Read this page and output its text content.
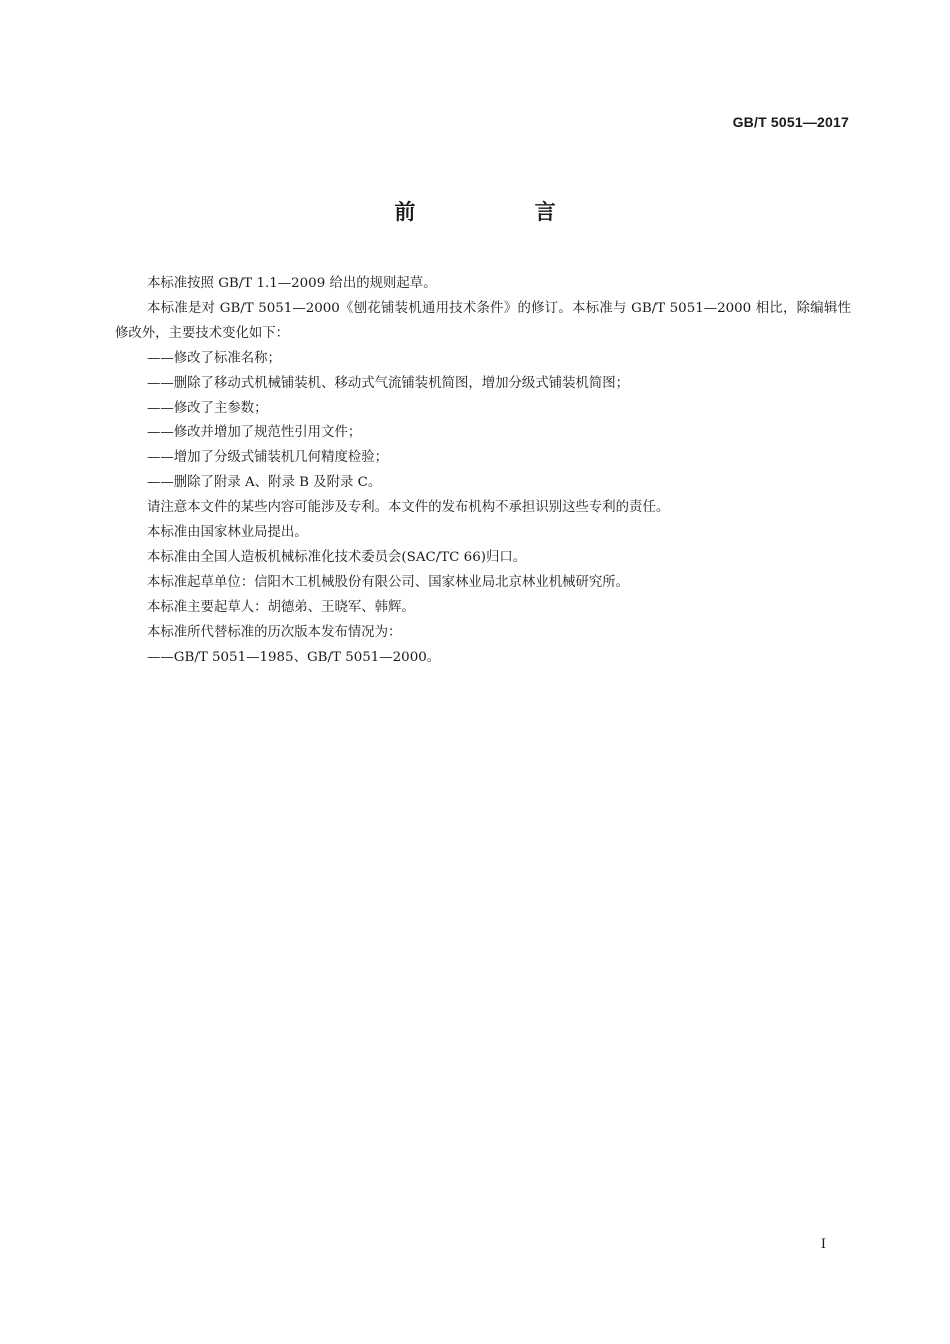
GB/T 5051—2017
前 言

本标准按照 GB/T 1.1—2009 给出的规则起草。

本标准是对 GB/T 5051—2000《刨花铺装机通用技术条件》的修订。本标准与 GB/T 5051—2000 相比，除编辑性修改外，主要技术变化如下：

——修改了标准名称；

——删除了移动式机械铺装机、移动式气流铺装机简图，增加分级式铺装机简图；

——修改了主参数；

——修改并增加了规范性引用文件；

——增加了分级式铺装机几何精度检验；

——删除了附录 A、附录 B 及附录 C。

请注意本文件的某些内容可能涉及专利。本文件的发布机构不承担识别这些专利的责任。

本标准由国家林业局提出。

本标准由全国人造板机械标准化技术委员会(SAC/TC 66)归口。

本标准起草单位：信阳木工机械股份有限公司、国家林业局北京林业机械研究所。

本标准主要起草人：胡德弟、王晓军、韩辉。

本标准所代替标准的历次版本发布情况为：

——GB/T 5051—1985、GB/T 5051—2000。

I
